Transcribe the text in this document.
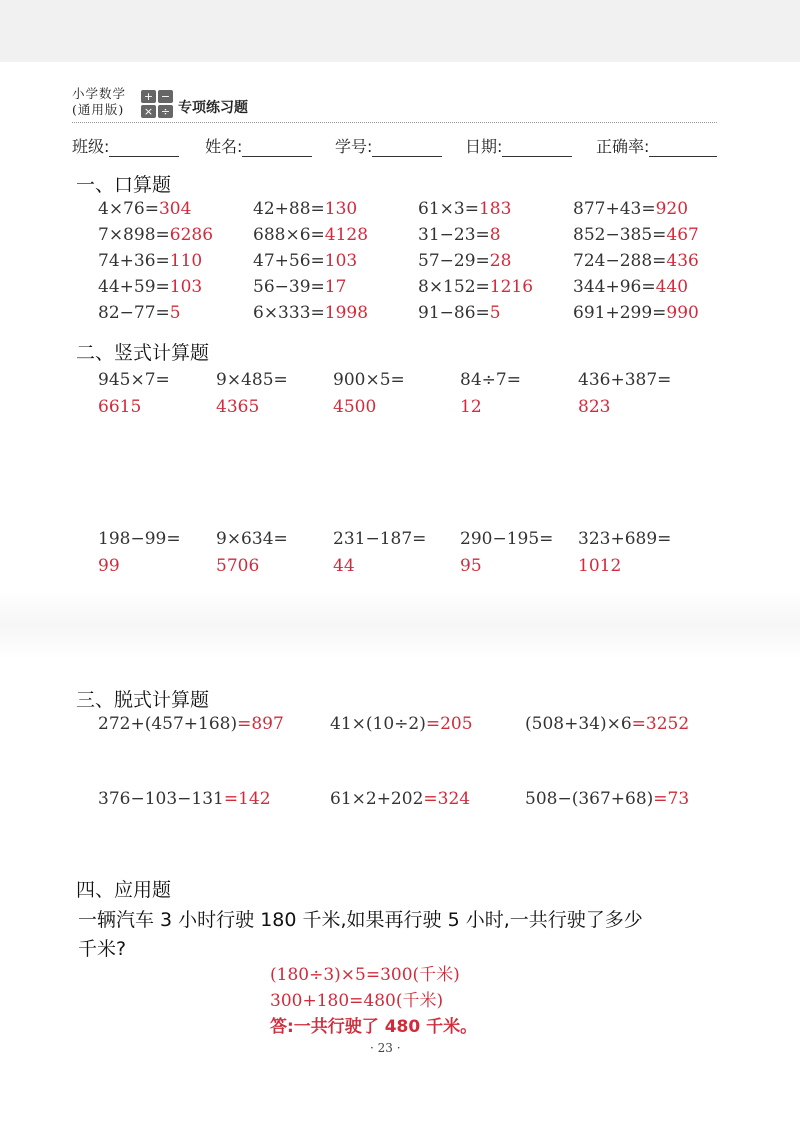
小学数学
(通用版)
+ −
× ÷ 专项练习题
班级:	姓名:	学号:	日期:	正确率:
一、口算题
4×76=304	42+88=130	61×3=183	877+43=920
7×898=6286 688×6=4128	31−23=8	852−385=467
74+36=110	47+56=103	57−29=28	724−288=436
44+59=103	56−39=17	8×152=1216 344+96=440
82−77=5	6×333=1998	91−86=5	691+299=990
二、竖式计算题
945×7=	9×485=	900×5=	84÷7=	436+387=
6615	4365	4500	12	823
198−99= 9×634=	231−187= 290−195= 323+689=
99	5706	44	95	1012
三、脱式计算题
272+(457+168)=897	41×(10÷2)=205	(508+34)×6=3252
376−103−131=142	61×2+202=324	508−(367+68)=73
四、应用题
一辆汽车 3 小时行驶 180 千米,如果再行驶 5 小时,一共行驶了多少
千米?
(180÷3)×5=300(千米)
300+180=480(千米)
答:一共行驶了 480 千米。
· 23 ·
